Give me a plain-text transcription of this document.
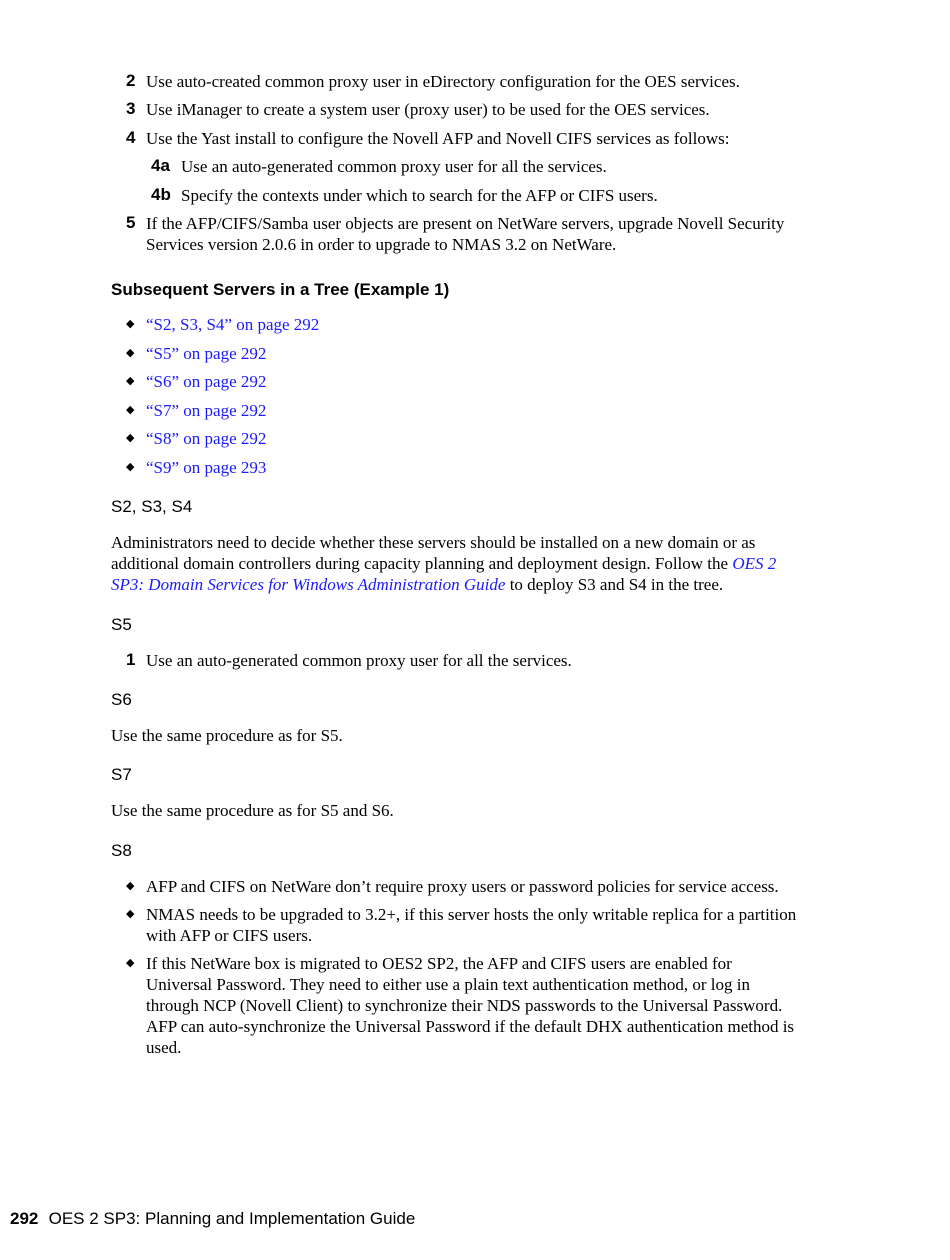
2 Use auto-created common proxy user in eDirectory configuration for the OES services.
3 Use iManager to create a system user (proxy user) to be used for the OES services.
4 Use the Yast install to configure the Novell AFP and Novell CIFS services as follows:
4a Use an auto-generated common proxy user for all the services.
4b Specify the contexts under which to search for the AFP or CIFS users.
5 If the AFP/CIFS/Samba user objects are present on NetWare servers, upgrade Novell Security
Services version 2.0.6 in order to upgrade to NMAS 3.2 on NetWare.
Subsequent Servers in a Tree (Example 1)
◆ “S2, S3, S4” on page 292
◆ “S5” on page 292
◆ “S6” on page 292
◆ “S7” on page 292
◆ “S8” on page 292
◆ “S9” on page 293
S2, S3, S4
Administrators need to decide whether these servers should be installed on a new domain or as
additional domain controllers during capacity planning and deployment design. Follow the OES 2
SP3: Domain Services for Windows Administration Guide to deploy S3 and S4 in the tree.
S5
1 Use an auto-generated common proxy user for all the services.
S6
Use the same procedure as for S5.
S7
Use the same procedure as for S5 and S6.
S8
◆ AFP and CIFS on NetWare don’t require proxy users or password policies for service access.
◆ NMAS needs to be upgraded to 3.2+, if this server hosts the only writable replica for a partition
with AFP or CIFS users.
◆ If this NetWare box is migrated to OES2 SP2, the AFP and CIFS users are enabled for
Universal Password. They need to either use a plain text authentication method, or log in
through NCP (Novell Client) to synchronize their NDS passwords to the Universal Password.
AFP can auto-synchronize the Universal Password if the default DHX authentication method is
used.
292 OES 2 SP3: Planning and Implementation Guide
